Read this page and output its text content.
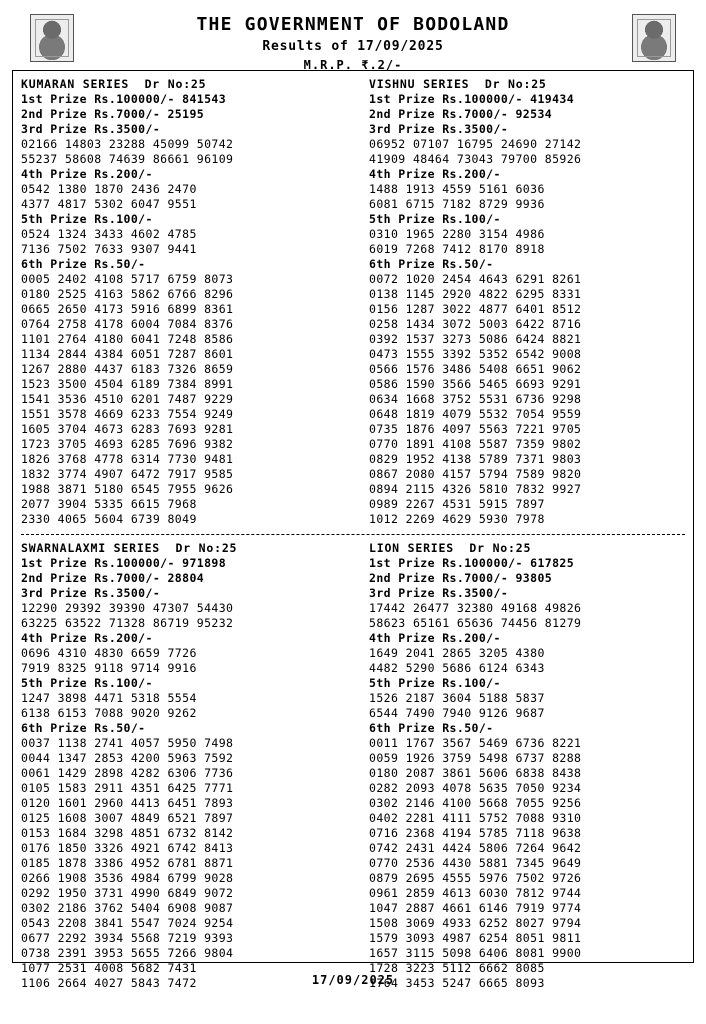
THE GOVERNMENT OF BODOLAND
Results of 17/09/2025
M.R.P. ₹.2/-
KUMARAN SERIES  Dr No:25
1st Prize Rs.100000/- 841543
2nd Prize Rs.7000/- 25195
3rd Prize Rs.3500/-
02166 14803 23288 45099 50742
55237 58608 74639 86661 96109
4th Prize Rs.200/-
0542 1380 1870 2436 2470
4377 4817 5302 6047 9551
5th Prize Rs.100/-
0524 1324 3433 4602 4785
7136 7502 7633 9307 9441
6th Prize Rs.50/-
0005 2402 4108 5717 6759 8073
0180 2525 4163 5862 6766 8296
0665 2650 4173 5916 6899 8361
0764 2758 4178 6004 7084 8376
1101 2764 4180 6041 7248 8586
1134 2844 4384 6051 7287 8601
1267 2880 4437 6183 7326 8659
1523 3500 4504 6189 7384 8991
1541 3536 4510 6201 7487 9229
1551 3578 4669 6233 7554 9249
1605 3704 4673 6283 7693 9281
1723 3705 4693 6285 7696 9382
1826 3768 4778 6314 7730 9481
1832 3774 4907 6472 7917 9585
1988 3871 5180 6545 7955 9626
2077 3904 5335 6615 7968
2330 4065 5604 6739 8049
VISHNU SERIES  Dr No:25
1st Prize Rs.100000/- 419434
2nd Prize Rs.7000/- 92534
3rd Prize Rs.3500/-
06952 07107 16795 24690 27142
41909 48464 73043 79700 85926
4th Prize Rs.200/-
1488 1913 4559 5161 6036
6081 6715 7182 8729 9936
5th Prize Rs.100/-
0310 1965 2280 3154 4986
6019 7268 7412 8170 8918
6th Prize Rs.50/-
0072 1020 2454 4643 6291 8261
0138 1145 2920 4822 6295 8331
0156 1287 3022 4877 6401 8512
0258 1434 3072 5003 6422 8716
0392 1537 3273 5086 6424 8821
0473 1555 3392 5352 6542 9008
0566 1576 3486 5408 6651 9062
0586 1590 3566 5465 6693 9291
0634 1668 3752 5531 6736 9298
0648 1819 4079 5532 7054 9559
0735 1876 4097 5563 7221 9705
0770 1891 4108 5587 7359 9802
0829 1952 4138 5789 7371 9803
0867 2080 4157 5794 7589 9820
0894 2115 4326 5810 7832 9927
0989 2267 4531 5915 7897
1012 2269 4629 5930 7978
SWARNALAXMI SERIES  Dr No:25
1st Prize Rs.100000/- 971898
2nd Prize Rs.7000/- 28804
3rd Prize Rs.3500/-
12290 29392 39390 47307 54430
63225 63522 71328 86719 95232
4th Prize Rs.200/-
0696 4310 4830 6659 7726
7919 8325 9118 9714 9916
5th Prize Rs.100/-
1247 3898 4471 5318 5554
6138 6153 7088 9020 9262
6th Prize Rs.50/-
0037 1138 2741 4057 5950 7498
0044 1347 2853 4200 5963 7592
0061 1429 2898 4282 6306 7736
0105 1583 2911 4351 6425 7771
0120 1601 2960 4413 6451 7893
0125 1608 3007 4849 6521 7897
0153 1684 3298 4851 6732 8142
0176 1850 3326 4921 6742 8413
0185 1878 3386 4952 6781 8871
0266 1908 3536 4984 6799 9028
0292 1950 3731 4990 6849 9072
0302 2186 3762 5404 6908 9087
0543 2208 3841 5547 7024 9254
0677 2292 3934 5568 7219 9393
0738 2391 3953 5655 7266 9804
1077 2531 4008 5682 7431
1106 2664 4027 5843 7472
LION SERIES  Dr No:25
1st Prize Rs.100000/- 617825
2nd Prize Rs.7000/- 93805
3rd Prize Rs.3500/-
17442 26477 32380 49168 49826
58623 65161 65636 74456 81279
4th Prize Rs.200/-
1649 2041 2865 3205 4380
4482 5290 5686 6124 6343
5th Prize Rs.100/-
1526 2187 3604 5188 5837
6544 7490 7940 9126 9687
6th Prize Rs.50/-
0011 1767 3567 5469 6736 8221
0059 1926 3759 5498 6737 8288
0180 2087 3861 5606 6838 8438
0282 2093 4078 5635 7050 9234
0302 2146 4100 5668 7055 9256
0402 2281 4111 5752 7088 9310
0716 2368 4194 5785 7118 9638
0742 2431 4424 5806 7264 9642
0770 2536 4430 5881 7345 9649
0879 2695 4555 5976 7502 9726
0961 2859 4613 6030 7812 9744
1047 2887 4661 6146 7919 9774
1508 3069 4933 6252 8027 9794
1579 3093 4987 6254 8051 9811
1657 3115 5098 6406 8081 9900
1728 3223 5112 6662 8085
1764 3453 5247 6665 8093
17/09/2025
